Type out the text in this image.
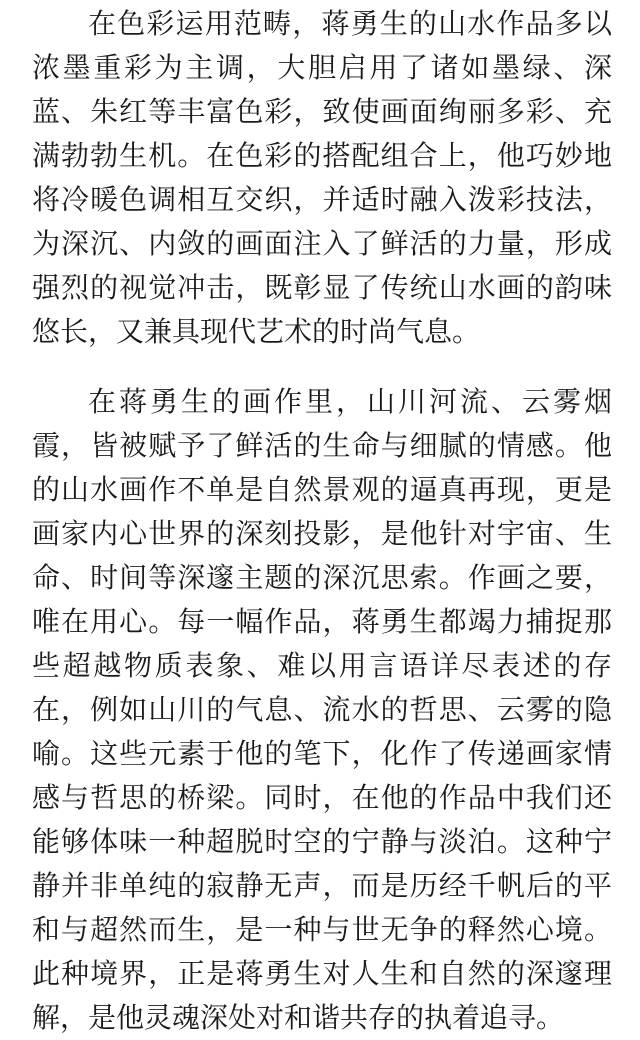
在色彩运用范畴，蒋勇生的山水作品多以
浓墨重彩为主调，大胆启用了诸如墨绿、深
蓝、朱红等丰富色彩，致使画面绚丽多彩、充
满勃勃生机。在色彩的搭配组合上，他巧妙地
将冷暖色调相互交织，并适时融入泼彩技法，
为深沉、内敛的画面注入了鲜活的力量，形成
强烈的视觉冲击，既彰显了传统山水画的韵味
悠长，又兼具现代艺术的时尚气息。
在蒋勇生的画作里，山川河流、云雾烟
霞，皆被赋予了鲜活的生命与细腻的情感。他
的山水画作不单是自然景观的逼真再现，更是
画家内心世界的深刻投影，是他针对宇宙、生
命、时间等深邃主题的深沉思索。作画之要，
唯在用心。每一幅作品，蒋勇生都竭力捕捉那
些超越物质表象、难以用言语详尽表述的存
在，例如山川的气息、流水的哲思、云雾的隐
喻。这些元素于他的笔下，化作了传递画家情
感与哲思的桥梁。同时，在他的作品中我们还
能够体味一种超脱时空的宁静与淡泊。这种宁
静并非单纯的寂静无声，而是历经千帆后的平
和与超然而生，是一种与世无争的释然心境。
此种境界，正是蒋勇生对人生和自然的深邃理
解，是他灵魂深处对和谐共存的执着追寻。
